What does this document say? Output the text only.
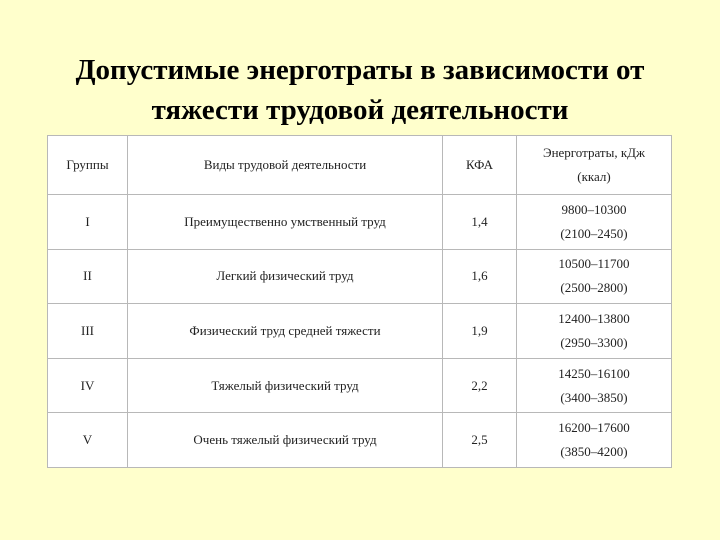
Допустимые энерготраты в зависимости от
тяжести трудовой деятельности
Группы	Виды трудовой деятельности	КФА	Энерготраты, кДж
(ккал)

I	Преимущественно умственный труд	1,4	9800–10300
(2100–2450)

II	Легкий физический труд	1,6	10500–11700
(2500–2800)

III	Физический труд средней тяжести	1,9	12400–13800
(2950–3300)

IV	Тяжелый физический труд	2,2	14250–16100
(3400–3850)

V	Очень тяжелый физический труд	2,5	16200–17600
(3850–4200)
